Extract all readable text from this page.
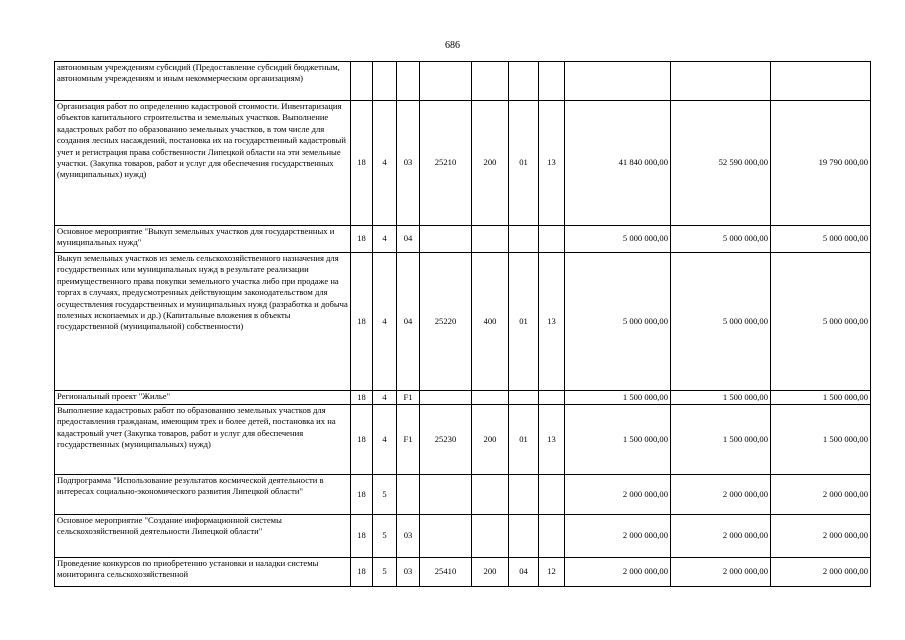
686
автономным учреждениям субсидий (Предоставление субсидий бюджетным, автономным учреждениям и иным некоммерческим организациям)										
Организация работ по определению кадастровой стоимости. Инвентаризация объектов капитального строительства и земельных участков. Выполнение кадастровых работ по образованию земельных участков, в том числе для создания лесных насаждений, постановка их на государственный кадастровый учет и регистрация права собственности Липецкой области на эти земельные участки. (Закупка товаров, работ и услуг для обеспечения государственных (муниципальных) нужд)	18	4	03	25210	200	01	13	41 840 000,00	52 590 000,00	19 790 000,00
Основное мероприятие "Выкуп земельных участков для государственных и муниципальных нужд"	18	4	04					5 000 000,00	5 000 000,00	5 000 000,00
Выкуп земельных участков из земель сельскохозяйственного назначения для государственных или муниципальных нужд в результате реализации преимущественного права покупки земельного участка либо при продаже на торгах в случаях, предусмотренных действующим законодательством для осуществления государственных и муниципальных нужд (разработка и добыча полезных ископаемых и др.) (Капитальные вложения в объекты государственной (муниципальной) собственности)	18	4	04	25220	400	01	13	5 000 000,00	5 000 000,00	5 000 000,00
Региональный проект "Жилье"	18	4	F1					1 500 000,00	1 500 000,00	1 500 000,00
Выполнение кадастровых работ по образованию земельных участков для предоставления гражданам, имеющим трех и более детей, постановка их на кадастровый учет (Закупка товаров, работ и услуг для обеспечения государственных (муниципальных) нужд)	18	4	F1	25230	200	01	13	1 500 000,00	1 500 000,00	1 500 000,00
Подпрограмма "Использование результатов космической деятельности в интересах социально-экономического развития Липецкой области"	18	5						2 000 000,00	2 000 000,00	2 000 000,00
Основное мероприятие "Создание информационной системы сельскохозяйственной деятельности Липецкой области"	18	5	03					2 000 000,00	2 000 000,00	2 000 000,00
Проведение конкурсов по приобретению установки и наладки системы мониторинга сельскохозяйственной	18	5	03	25410	200	04	12	2 000 000,00	2 000 000,00	2 000 000,00
